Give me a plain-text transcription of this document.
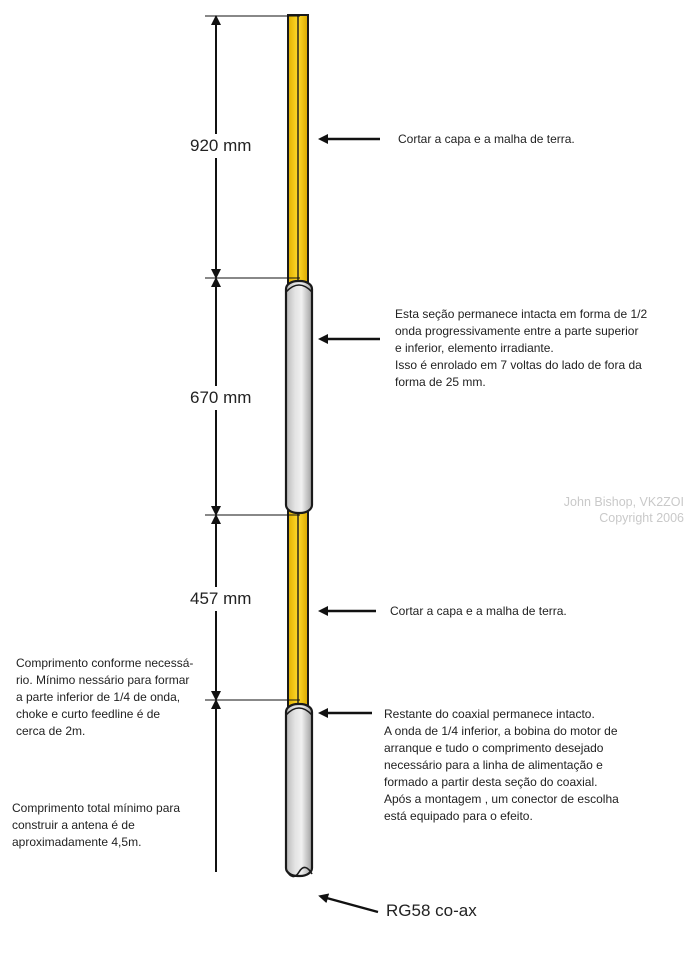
920 mm
670 mm
457 mm
Cortar a capa e a malha de terra.
Esta seção permanece intacta em forma de 1/2
onda progressivamente entre a parte superior
e inferior, elemento irradiante.
Isso é enrolado em 7 voltas do lado de fora da
forma de 25 mm.
Cortar a capa e a malha de terra.
Restante do coaxial permanece intacto.
A onda de 1/4 inferior, a bobina do motor de
arranque e tudo o comprimento desejado
necessário para a linha de alimentação e
formado a partir desta seção do coaxial.
Após a montagem , um conector de escolha
está equipado para o efeito.
Comprimento conforme necessá-
rio. Mínimo nessário para formar
a parte inferior de 1/4 de onda,
choke e curto feedline é de
cerca de 2m.
Comprimento total mínimo para
construir a antena é de
aproximadamente 4,5m.
RG58 co-ax
John Bishop, VK2ZOI
Copyright 2006
